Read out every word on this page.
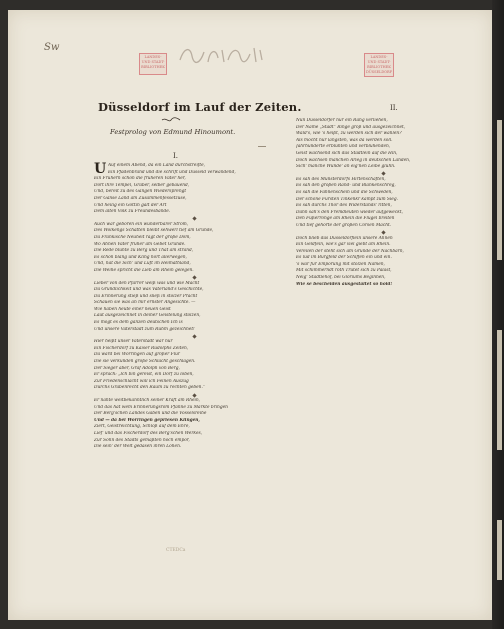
Sw
LANDES-
UND STADT-
BIBLIOTHEK
LANDES-
UND STADT-
BIBLIOTHEK
DÜSSELDORF
Düsseldorf im Lauf der Zeiten.
Festprolog von Edmund Hinoumont.
I.
II.
U Auf einem Abend, da ein Land durchstreifte,
Ein Pfadenbrand und die schrift und Düsseld verwandend,
Ein Frühern schon die früheren Väter her,
Dort ihre Tempel, Gräber, selber gebauend,
Und, bereit zu des Gangen Wiedersprengt
Der Gänse Land am Zusammenfessetzuse,
Und heilig ein Göttin galt der Art
Dem alten Volk zu Freundesbande.
Auch war geboren ein wunderbarer Strom,
Des Wölkengs Schatten bleibt sehwerl tief am Grunde,
Da Fränkische Neuheit ragt der große Dom,
Wo Ahnen Väter früher am Gebet Grunde.
Die Rede blühte zu Berg und That am strand,
Es schon blang und Kling hört allerwegen,
Und, hat die Sich' und Luft im Heimathland,
Die Weihe spricht die Lieb am Rhein gelegen.
Lieber von den Pfarrer weiß was und wie Macht
Da Gründlichkeit und was Vaterland's Geschichte,
Da Erinnerung stieß und sließ in stolzer Pracht
Schauen sie was an mir ernster Angesichte. —
Wie haben heute einer neuen Geist
Laut ausgezeichnet in deiner Geistelung stolzen,
Es mögt es dem ganzen deutschen Ich is
Und unsere Vaterstadt zum Ruhm gezeichnet!
Hier heißt unser Vaterstadt war nur
Ein Fischerdorf zu Kaiser Rudolphs Zeiten,
Da ward bei Worringen auf großer Flur
Die sie verkünden große Schlacht geschlagen.
Der Sieger aber, Graf Adolph von Berg,
Er sprach: „Ich bin gereist, ein Dorf zu loben,
Zur Friedenschlacht will ich Feinen Auszug
Durchs Grabenrecht den Raum zu rechten geben.“
Er nahte weitbekanntlich seiner Kraft am Rhein,
Und das hat wem Erinnerungsrom Pfanne zu Markte bringen
Der Berg'schen Landes Gaben und die Vosselsreihe
Und — da bei Worringen gepriesen Klingen,
Ziert, Geistreichtung, Schloß auf dem Ehre,
Lief' und das Fischerdorf des Berg'schen Werkes,
Zur Sohn des Stadts gemaßten hoch empor,
Die sein' der Welt gedäsen ihren Lohen.
Nun Düsseldorfer nur ein Rang verliehen,
Der Name „Stadt“ Ringe groß und ausgezeichnet,
Wald's, wie 's heißt, zu werden sich der wählen?
Als möcht nur längsten, was da werden soll.
Jahrhunderte erblühten und verblühenden,
Geist wachsend sich das Städtlein auf die Hin,
Doch wachsen manchen Arieg in deutschen Landen,
Sich' manche Wunde' an eig'nen Leibe glühn.
Es sah des Münsterdorfs Hirtenschaften,
Es sah den großen Rand- und Blankenschreg,
Es sah die Fahnenschein und die Schweden,
Der schöne Fürsten Tinkenkr kämpt zum Sieg.
Es sah durchs Thor des Widerstands' ritten,
Dann sah's den Fremdleuten wieder aufgeweckt,
Den Fußerronge am Rhein die Flügel breiten
Und tief gehörte der großen Corsen Macht.
Doch blieb das Düsseldörflein unsere Ahnen
Ein Geldfein, wie's gar viel giebt am Rhein.
Vereilen der steht sich am Grunde der Nachbarn,
Es lud im Burgfeld der Schiffen ein und ein.
's war für Empörung mit stolzen Namen,
Mit schimmerndt roth Trütet sich zu Palast,
Neig' Städtlehof, bei Gloriums Beginnen,
Wie se bescheiden ausgestaltet so hold!
CTEDCa
